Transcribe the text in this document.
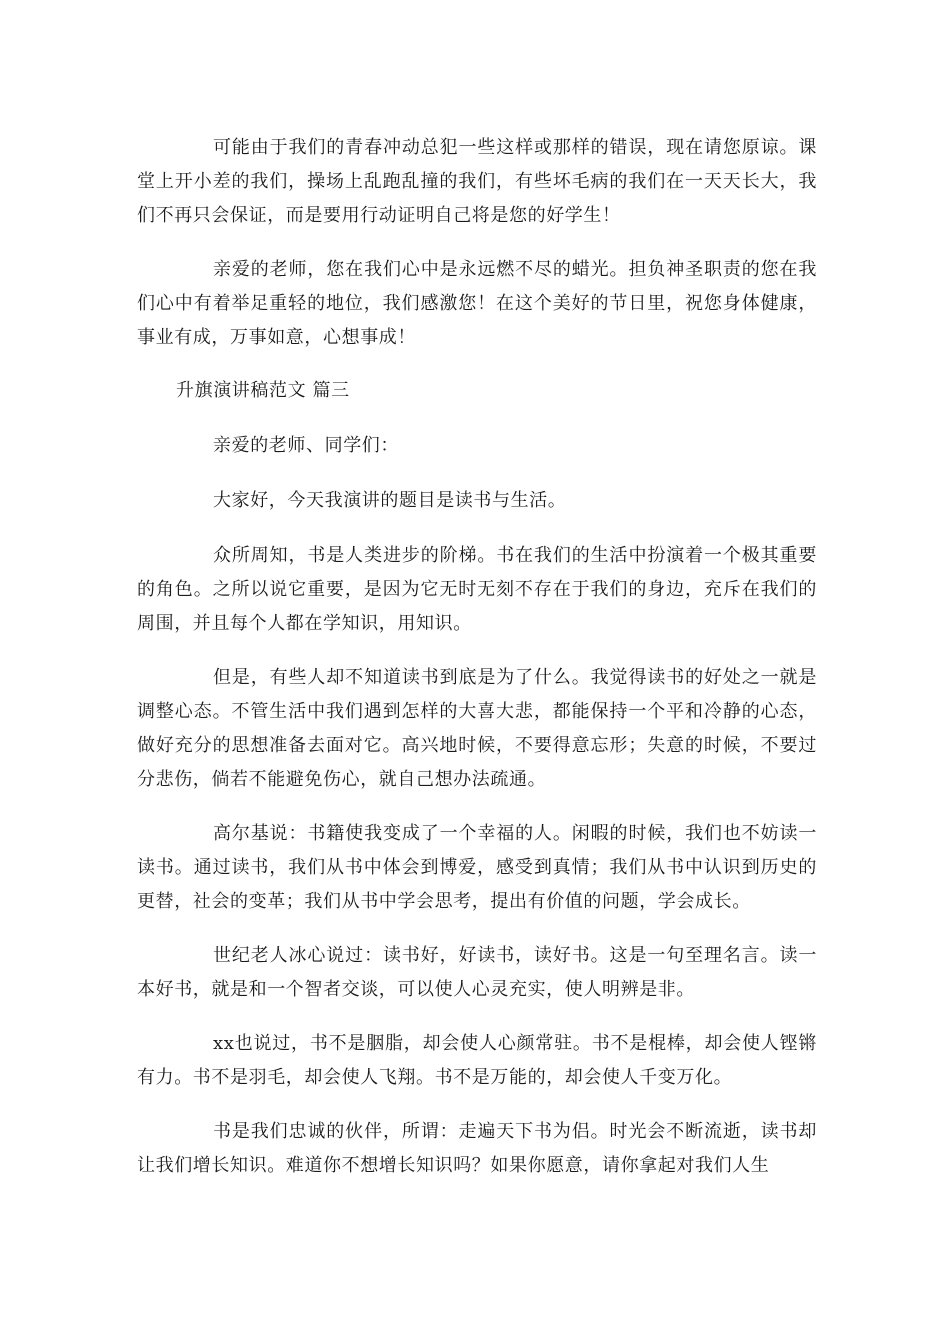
可能由于我们的青春冲动总犯一些这样或那样的错误，现在请您原谅。课堂上开小差的我们，操场上乱跑乱撞的我们，有些坏毛病的我们在一天天长大，我们不再只会保证，而是要用行动证明自己将是您的好学生！

亲爱的老师，您在我们心中是永远燃不尽的蜡光。担负神圣职责的您在我们心中有着举足重轻的地位，我们感激您！在这个美好的节日里，祝您身体健康，事业有成，万事如意，心想事成！

升旗演讲稿范文 篇三

亲爱的老师、同学们：

大家好，今天我演讲的题目是读书与生活。

众所周知，书是人类进步的阶梯。书在我们的生活中扮演着一个极其重要的角色。之所以说它重要，是因为它无时无刻不存在于我们的身边，充斥在我们的周围，并且每个人都在学知识，用知识。

但是，有些人却不知道读书到底是为了什么。我觉得读书的好处之一就是调整心态。不管生活中我们遇到怎样的大喜大悲，都能保持一个平和冷静的心态，做好充分的思想准备去面对它。高兴地时候，不要得意忘形；失意的时候，不要过分悲伤，倘若不能避免伤心，就自己想办法疏通。

高尔基说：书籍使我变成了一个幸福的人。闲暇的时候，我们也不妨读一读书。通过读书，我们从书中体会到博爱，感受到真情；我们从书中认识到历史的更替，社会的变革；我们从书中学会思考，提出有价值的问题，学会成长。

世纪老人冰心说过：读书好，好读书，读好书。这是一句至理名言。读一本好书，就是和一个智者交谈，可以使人心灵充实，使人明辨是非。

xx也说过，书不是胭脂，却会使人心颜常驻。书不是棍棒，却会使人铿锵有力。书不是羽毛，却会使人飞翔。书不是万能的，却会使人千变万化。

书是我们忠诚的伙伴，所谓：走遍天下书为侣。时光会不断流逝，读书却让我们增长知识。难道你不想增长知识吗？如果你愿意，请你拿起对我们人生
